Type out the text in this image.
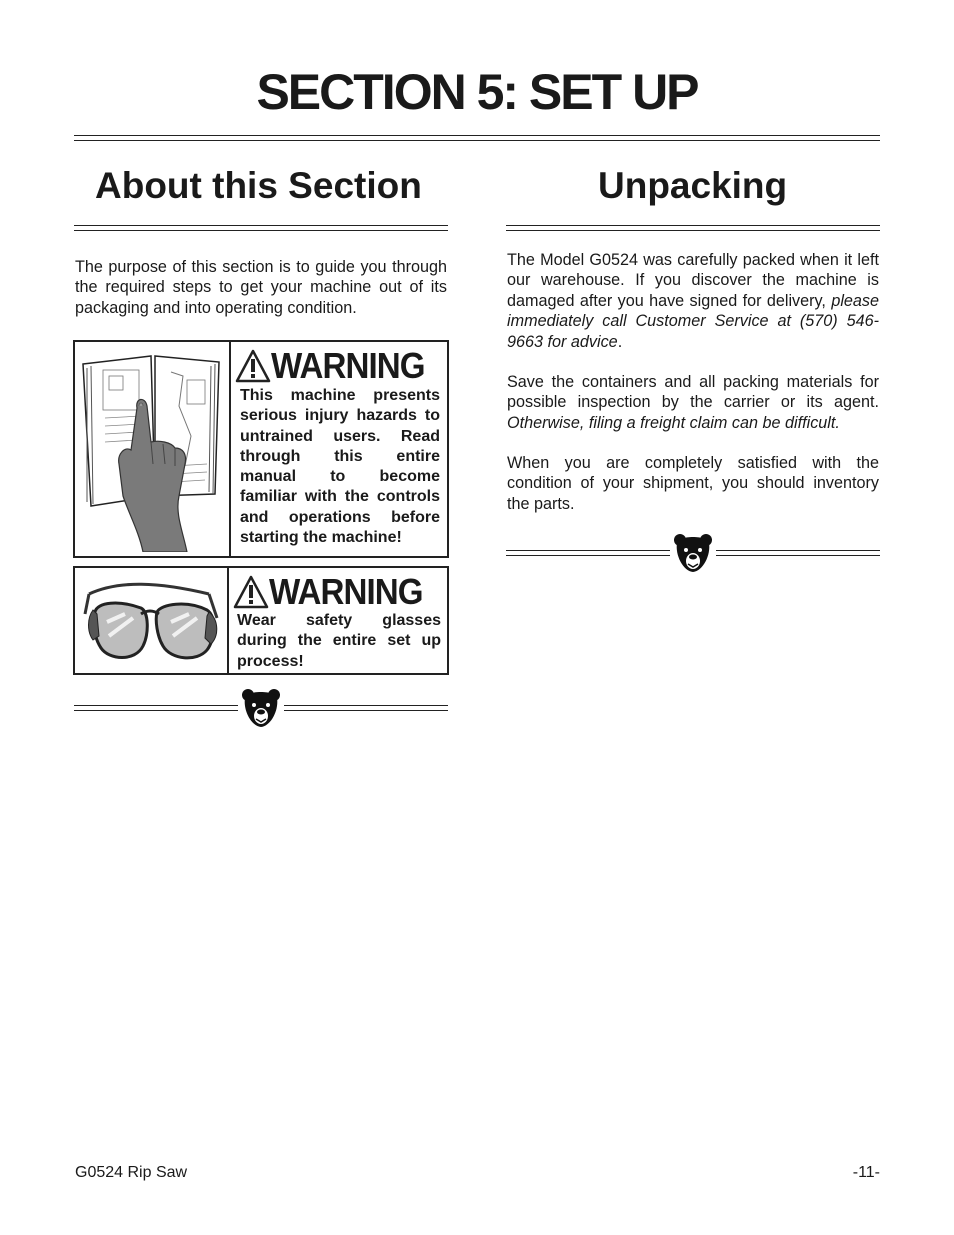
SECTION 5: SET UP
About this Section

The purpose of this section is to guide you through the required steps to get your machine out of its packaging and into operating condition.

WARNING
This machine presents serious injury hazards to untrained users. Read through this entire manual to become familiar with the controls and operations before starting the machine!
WARNING
Wear safety glasses during the entire set up process!
Unpacking

The Model G0524 was carefully packed when it left our warehouse. If you discover the machine is damaged after you have signed for delivery, please immediately call Customer Service at (570) 546-9663 for advice.

Save the containers and all packing materials for possible inspection by the carrier or its agent. Otherwise, filing a freight claim can be difficult.

When you are completely satisfied with the condition of your shipment, you should inventory the parts.

G0524 Rip Saw	-11-
